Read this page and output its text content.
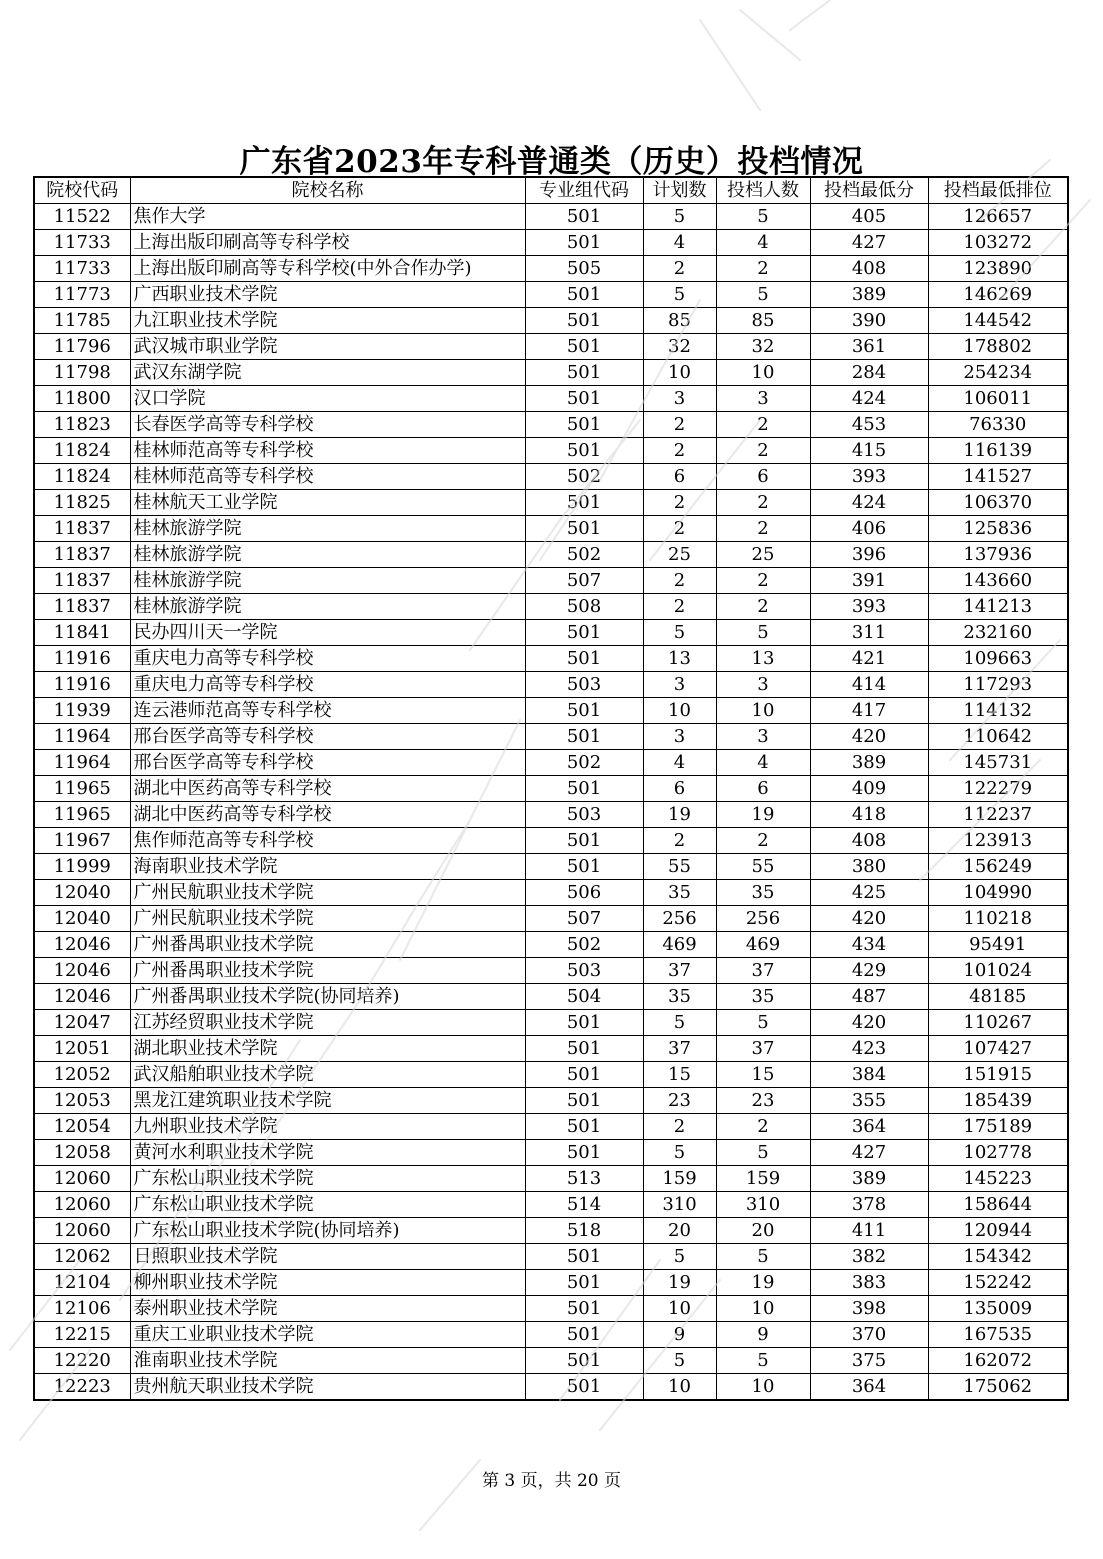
广东省2023年专科普通类（历史）投档情况
院校代码	院校名称	专业组代码	计划数	投档人数	投档最低分	投档最低排位
11522	焦作大学	501	5	5	405	126657
11733	上海出版印刷高等专科学校	501	4	4	427	103272
11733	上海出版印刷高等专科学校(中外合作办学)	505	2	2	408	123890
11773	广西职业技术学院	501	5	5	389	146269
11785	九江职业技术学院	501	85	85	390	144542
11796	武汉城市职业学院	501	32	32	361	178802
11798	武汉东湖学院	501	10	10	284	254234
11800	汉口学院	501	3	3	424	106011
11823	长春医学高等专科学校	501	2	2	453	76330
11824	桂林师范高等专科学校	501	2	2	415	116139
11824	桂林师范高等专科学校	502	6	6	393	141527
11825	桂林航天工业学院	501	2	2	424	106370
11837	桂林旅游学院	501	2	2	406	125836
11837	桂林旅游学院	502	25	25	396	137936
11837	桂林旅游学院	507	2	2	391	143660
11837	桂林旅游学院	508	2	2	393	141213
11841	民办四川天一学院	501	5	5	311	232160
11916	重庆电力高等专科学校	501	13	13	421	109663
11916	重庆电力高等专科学校	503	3	3	414	117293
11939	连云港师范高等专科学校	501	10	10	417	114132
11964	邢台医学高等专科学校	501	3	3	420	110642
11964	邢台医学高等专科学校	502	4	4	389	145731
11965	湖北中医药高等专科学校	501	6	6	409	122279
11965	湖北中医药高等专科学校	503	19	19	418	112237
11967	焦作师范高等专科学校	501	2	2	408	123913
11999	海南职业技术学院	501	55	55	380	156249
12040	广州民航职业技术学院	506	35	35	425	104990
12040	广州民航职业技术学院	507	256	256	420	110218
12046	广州番禺职业技术学院	502	469	469	434	95491
12046	广州番禺职业技术学院	503	37	37	429	101024
12046	广州番禺职业技术学院(协同培养)	504	35	35	487	48185
12047	江苏经贸职业技术学院	501	5	5	420	110267
12051	湖北职业技术学院	501	37	37	423	107427
12052	武汉船舶职业技术学院	501	15	15	384	151915
12053	黑龙江建筑职业技术学院	501	23	23	355	185439
12054	九州职业技术学院	501	2	2	364	175189
12058	黄河水利职业技术学院	501	5	5	427	102778
12060	广东松山职业技术学院	513	159	159	389	145223
12060	广东松山职业技术学院	514	310	310	378	158644
12060	广东松山职业技术学院(协同培养)	518	20	20	411	120944
12062	日照职业技术学院	501	5	5	382	154342
12104	柳州职业技术学院	501	19	19	383	152242
12106	泰州职业技术学院	501	10	10	398	135009
12215	重庆工业职业技术学院	501	9	9	370	167535
12220	淮南职业技术学院	501	5	5	375	162072
12223	贵州航天职业技术学院	501	10	10	364	175062
第 3 页，共 20 页
